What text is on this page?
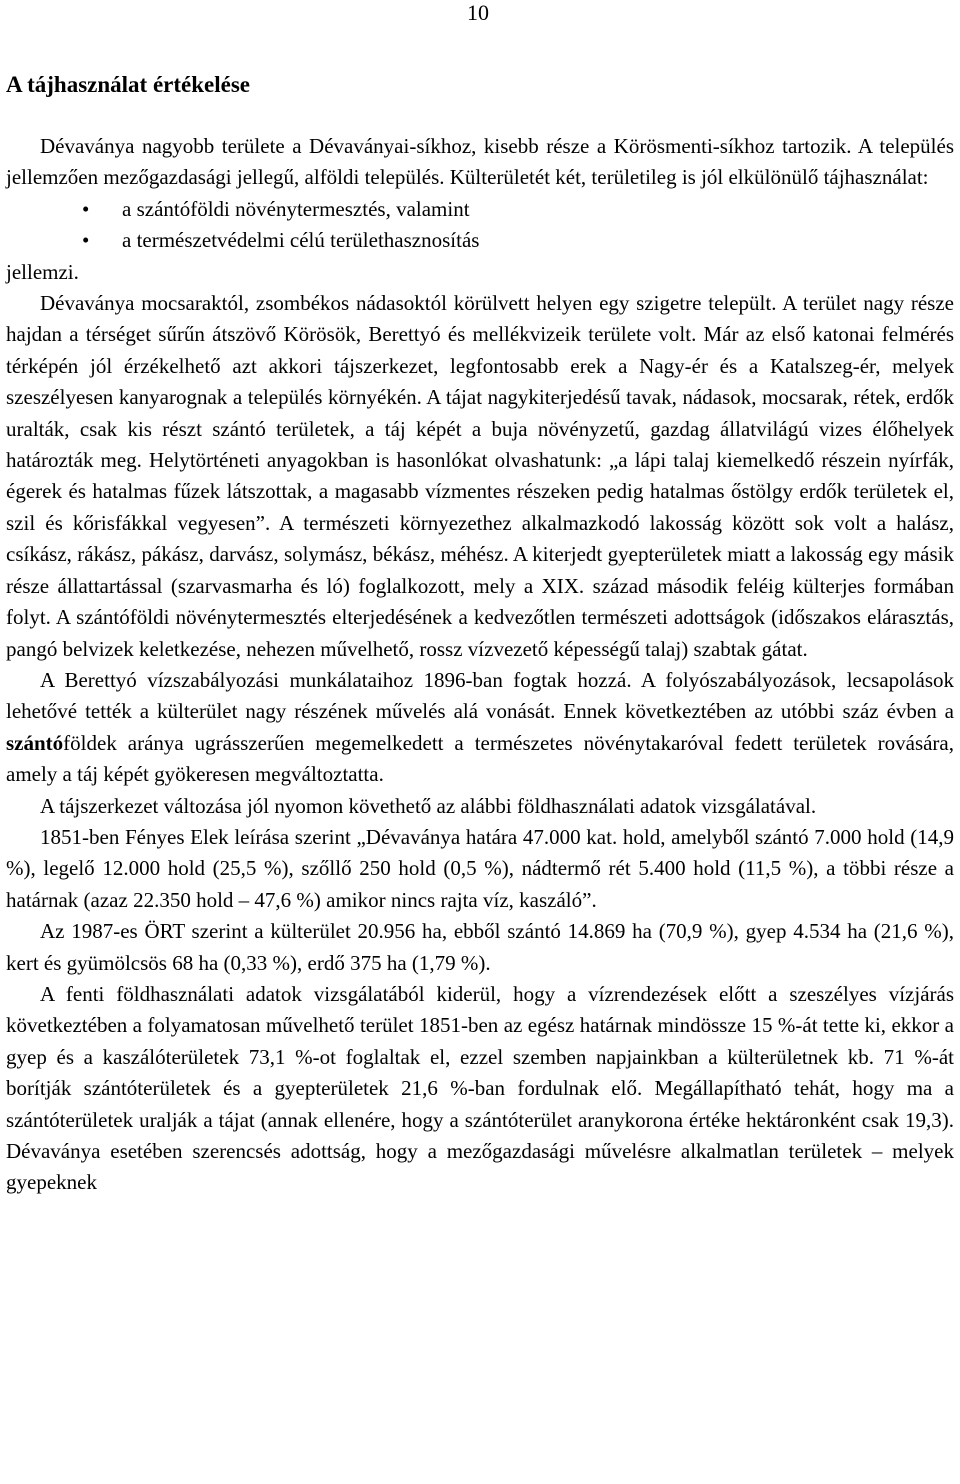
10
A tájhasználat értékelése

Dévaványa nagyobb területe a Dévaványai-síkhoz, kisebb része a Körösmenti-síkhoz tartozik. A település jellemzően mezőgazdasági jellegű, alföldi település. Külterületét két, területileg is jól elkülönülő tájhasználat:

• a szántóföldi növénytermesztés, valamint
• a természetvédelmi célú területhasznosítás

jellemzi.

Dévaványa mocsaraktól, zsombékos nádasoktól körülvett helyen egy szigetre települt. A terület nagy része hajdan a térséget sűrűn átszövő Körösök, Berettyó és mellékvizeik területe volt. Már az első katonai felmérés térképén jól érzékelhető azt akkori tájszerkezet, legfontosabb erek a Nagy-ér és a Katalszeg-ér, melyek szeszélyesen kanyarognak a település környékén. A tájat nagykiterjedésű tavak, nádasok, mocsarak, rétek, erdők uralták, csak kis részt szántó területek, a táj képét a buja növényzetű, gazdag állatvilágú vizes élőhelyek határozták meg. Helytörténeti anyagokban is hasonlókat olvashatunk: „a lápi talaj kiemelkedő részein nyírfák, égerek és hatalmas fűzek látszottak, a magasabb vízmentes részeken pedig hatalmas őstölgy erdők területek el, szil és kőrisfákkal vegyesen”. A természeti környezethez alkalmazkodó lakosság között sok volt a halász, csíkász, rákász, pákász, darvász, solymász, békász, méhész. A kiterjedt gyepterületek miatt a lakosság egy másik része állattartással (szarvasmarha és ló) foglalkozott, mely a XIX. század második feléig külterjes formában folyt. A szántóföldi növénytermesztés elterjedésének a kedvezőtlen természeti adottságok (időszakos elárasztás, pangó belvizek keletkezése, nehezen művelhető, rossz vízvezető képességű talaj) szabtak gátat.

A Berettyó vízszabályozási munkálataihoz 1896-ban fogtak hozzá. A folyószabályozások, lecsapolások lehetővé tették a külterület nagy részének művelés alá vonását. Ennek következtében az utóbbi száz évben a szántóföldek aránya ugrásszerűen megemelkedett a természetes növénytakaróval fedett területek rovására, amely a táj képét gyökeresen megváltoztatta.

A tájszerkezet változása jól nyomon követhető az alábbi földhasználati adatok vizsgálatával.

1851-ben Fényes Elek leírása szerint „Dévaványa határa 47.000 kat. hold, amelyből szántó 7.000 hold (14,9 %), legelő 12.000 hold (25,5 %), szőllő 250 hold (0,5 %), nádtermő rét 5.400 hold (11,5 %), a többi része a határnak (azaz 22.350 hold – 47,6 %) amikor nincs rajta víz, kaszáló”.

Az 1987-es ÖRT szerint a külterület 20.956 ha, ebből szántó 14.869 ha (70,9 %), gyep 4.534 ha (21,6 %), kert és gyümölcsös 68 ha (0,33 %), erdő 375 ha (1,79 %).

A fenti földhasználati adatok vizsgálatából kiderül, hogy a vízrendezések előtt a szeszélyes vízjárás következtében a folyamatosan művelhető terület 1851-ben az egész határnak mindössze 15 %-át tette ki, ekkor a gyep és a kaszálóterületek 73,1 %-ot foglaltak el, ezzel szemben napjainkban a külterületnek kb. 71 %-át borítják szántóterületek és a gyepterületek 21,6 %-ban fordulnak elő. Megállapítható tehát, hogy ma a szántóterületek uralják a tájat (annak ellenére, hogy a szántóterület aranykorona értéke hektáronként csak 19,3). Dévaványa esetében szerencsés adottság, hogy a mezőgazdasági művelésre alkalmatlan területek – melyek gyepeknek
